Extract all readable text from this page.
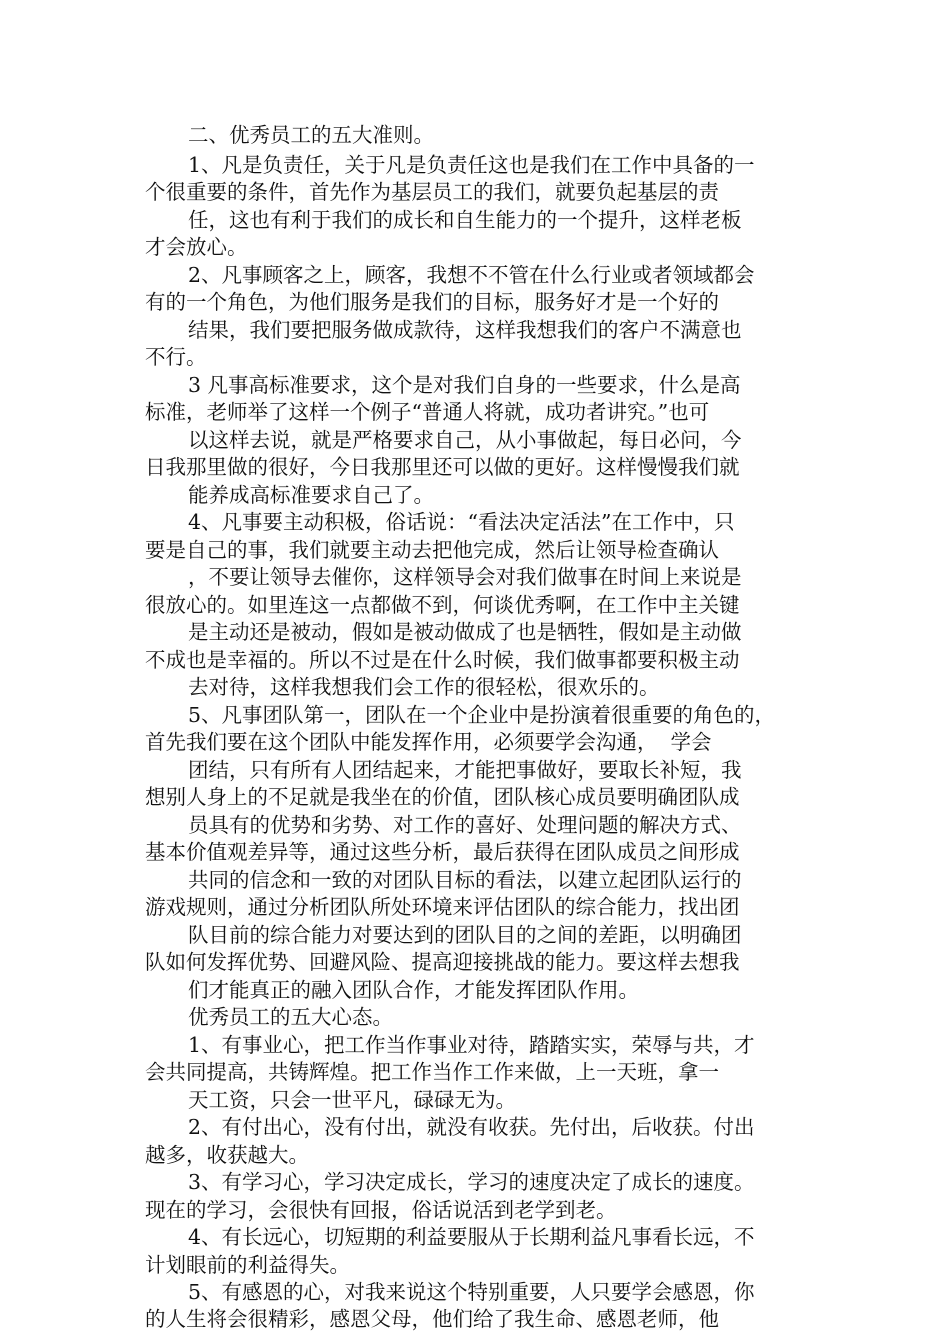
二、优秀员工的五大准则。
1、凡是负责任，关于凡是负责任这也是我们在工作中具备的一
个很重要的条件，首先作为基层员工的我们，就要负起基层的责
任，这也有利于我们的成长和自生能力的一个提升，这样老板
才会放心。
2、凡事顾客之上，顾客，我想不不管在什么行业或者领域都会
有的一个角色，为他们服务是我们的目标，服务好才是一个好的
结果，我们要把服务做成款待，这样我想我们的客户不满意也
不行。
3 凡事高标准要求，这个是对我们自身的一些要求，什么是高
标准，老师举了这样一个例子“普通人将就，成功者讲究。”也可
以这样去说，就是严格要求自己，从小事做起，每日必问，今
日我那里做的很好，今日我那里还可以做的更好。这样慢慢我们就
能养成高标准要求自己了。
4、凡事要主动积极，俗话说：“看法决定活法”在工作中，只
要是自己的事，我们就要主动去把他完成，然后让领导检查确认
，不要让领导去催你，这样领导会对我们做事在时间上来说是
很放心的。如里连这一点都做不到，何谈优秀啊，在工作中主关键
是主动还是被动，假如是被动做成了也是牺牲，假如是主动做
不成也是幸福的。所以不过是在什么时候，我们做事都要积极主动
去对待，这样我想我们会工作的很轻松，很欢乐的。
5、凡事团队第一，团队在一个企业中是扮演着很重要的角色的，
首先我们要在这个团队中能发挥作用，必须要学会沟通，  学会
团结，只有所有人团结起来，才能把事做好，要取长补短，我
想别人身上的不足就是我坐在的价值，团队核心成员要明确团队成
员具有的优势和劣势、对工作的喜好、处理问题的解决方式、
基本价值观差异等，通过这些分析，最后获得在团队成员之间形成
共同的信念和一致的对团队目标的看法，以建立起团队运行的
游戏规则，通过分析团队所处环境来评估团队的综合能力，找出团
队目前的综合能力对要达到的团队目的之间的差距，以明确团
队如何发挥优势、回避风险、提高迎接挑战的能力。要这样去想我
们才能真正的融入团队合作，才能发挥团队作用。
优秀员工的五大心态。
1、有事业心，把工作当作事业对待，踏踏实实，荣辱与共，才
会共同提高，共铸辉煌。把工作当作工作来做，上一天班，拿一
天工资，只会一世平凡，碌碌无为。
2、有付出心，没有付出，就没有收获。先付出，后收获。付出
越多，收获越大。
3、有学习心，学习决定成长，学习的速度决定了成长的速度。
现在的学习，会很快有回报，俗话说活到老学到老。
4、有长远心，切短期的利益要服从于长期利益凡事看长远，不
计划眼前的利益得失。
5、有感恩的心，对我来说这个特别重要，人只要学会感恩，你
的人生将会很精彩，感恩父母，他们给了我生命、感恩老师，他
